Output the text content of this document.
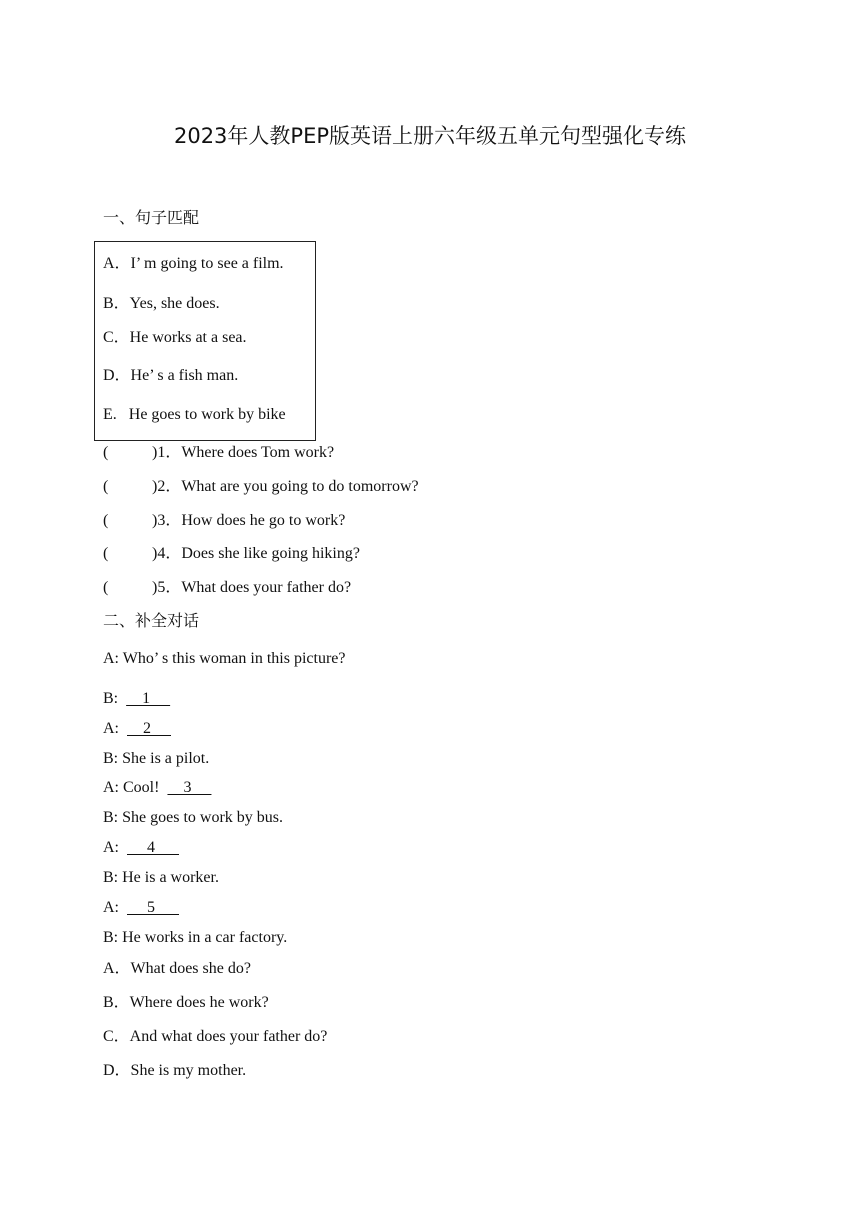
2023年人教PEP版英语上册六年级五单元句型强化专练
一、句子匹配
A．I’ m going to see a film.
B．Yes, she does.
C．He works at a sea.
D．He’ s a fish man.
E.   He goes to work by bike
(	)1．Where does Tom work?
(	)2．What are you going to do tomorrow?
(	)3．How does he go to work?
(	)4．Does she like going hiking?
(	)5．What does your father do?
二、补全对话
A: Who’ s this woman in this picture?
B:      1
A:      2
B: She is a pilot.
A: Cool!      3
B: She goes to work by bus.
A:       4
B: He is a worker.
A:       5
B: He works in a car factory.
A．What does she do?
B．Where does he work?
C．And what does your father do?
D．She is my mother.
